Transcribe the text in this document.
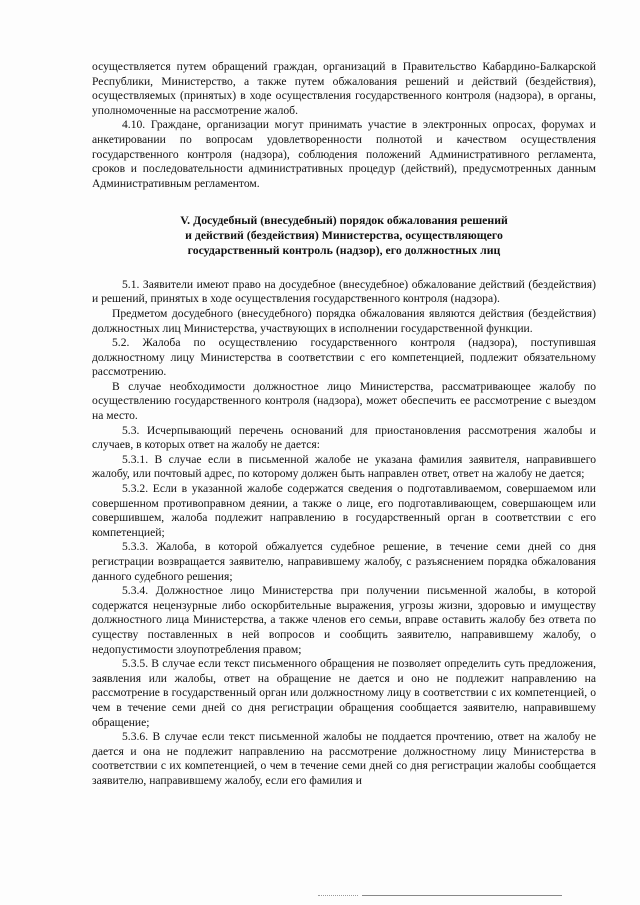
осуществляется путем обращений граждан, организаций в Правительство Кабардино-Балкарской Республики, Министерство, а также путем обжалования решений и действий (бездействия), осуществляемых (принятых) в ходе осуществления государственного контроля (надзора), в органы, уполномоченные на рассмотрение жалоб.

4.10. Граждане, организации могут принимать участие в электронных опросах, форумах и анкетировании по вопросам удовлетворенности полнотой и качеством осуществления государственного контроля (надзора), соблюдения положений Административного регламента, сроков и последовательности административных процедур (действий), предусмотренных данным Административным регламентом.

V. Досудебный (внесудебный) порядок обжалования решений
и действий (бездействия) Министерства, осуществляющего
государственный контроль (надзор), его должностных лиц

5.1. Заявители имеют право на досудебное (внесудебное) обжалование действий (бездействия) и решений, принятых в ходе осуществления государственного контроля (надзора).

Предметом досудебного (внесудебного) порядка обжалования являются действия (бездействия) должностных лиц Министерства, участвующих в исполнении государственной функции.

5.2. Жалоба по осуществлению государственного контроля (надзора), поступившая должностному лицу Министерства в соответствии с его компетенцией, подлежит обязательному рассмотрению.

В случае необходимости должностное лицо Министерства, рассматривающее жалобу по осуществлению государственного контроля (надзора), может обеспечить ее рассмотрение с выездом на место.

5.3. Исчерпывающий перечень оснований для приостановления рассмотрения жалобы и случаев, в которых ответ на жалобу не дается:

5.3.1. В случае если в письменной жалобе не указана фамилия заявителя, направившего жалобу, или почтовый адрес, по которому должен быть направлен ответ, ответ на жалобу не дается;

5.3.2. Если в указанной жалобе содержатся сведения о подготавливаемом, совершаемом или совершенном противоправном деянии, а также о лице, его подготавливающем, совершающем или совершившем, жалоба подлежит направлению в государственный орган в соответствии с его компетенцией;

5.3.3. Жалоба, в которой обжалуется судебное решение, в течение семи дней со дня регистрации возвращается заявителю, направившему жалобу, с разъяснением порядка обжалования данного судебного решения;

5.3.4. Должностное лицо Министерства при получении письменной жалобы, в которой содержатся нецензурные либо оскорбительные выражения, угрозы жизни, здоровью и имуществу должностного лица Министерства, а также членов его семьи, вправе оставить жалобу без ответа по существу поставленных в ней вопросов и сообщить заявителю, направившему жалобу, о недопустимости злоупотребления правом;

5.3.5. В случае если текст письменного обращения не позволяет определить суть предложения, заявления или жалобы, ответ на обращение не дается и оно не подлежит направлению на рассмотрение в государственный орган или должностному лицу в соответствии с их компетенцией, о чем в течение семи дней со дня регистрации обращения сообщается заявителю, направившему обращение;

5.3.6. В случае если текст письменной жалобы не поддается прочтению, ответ на жалобу не дается и она не подлежит направлению на рассмотрение должностному лицу Министерства в соответствии с их компетенцией, о чем в течение семи дней со дня регистрации жалобы сообщается заявителю, направившему жалобу, если его фамилия и
